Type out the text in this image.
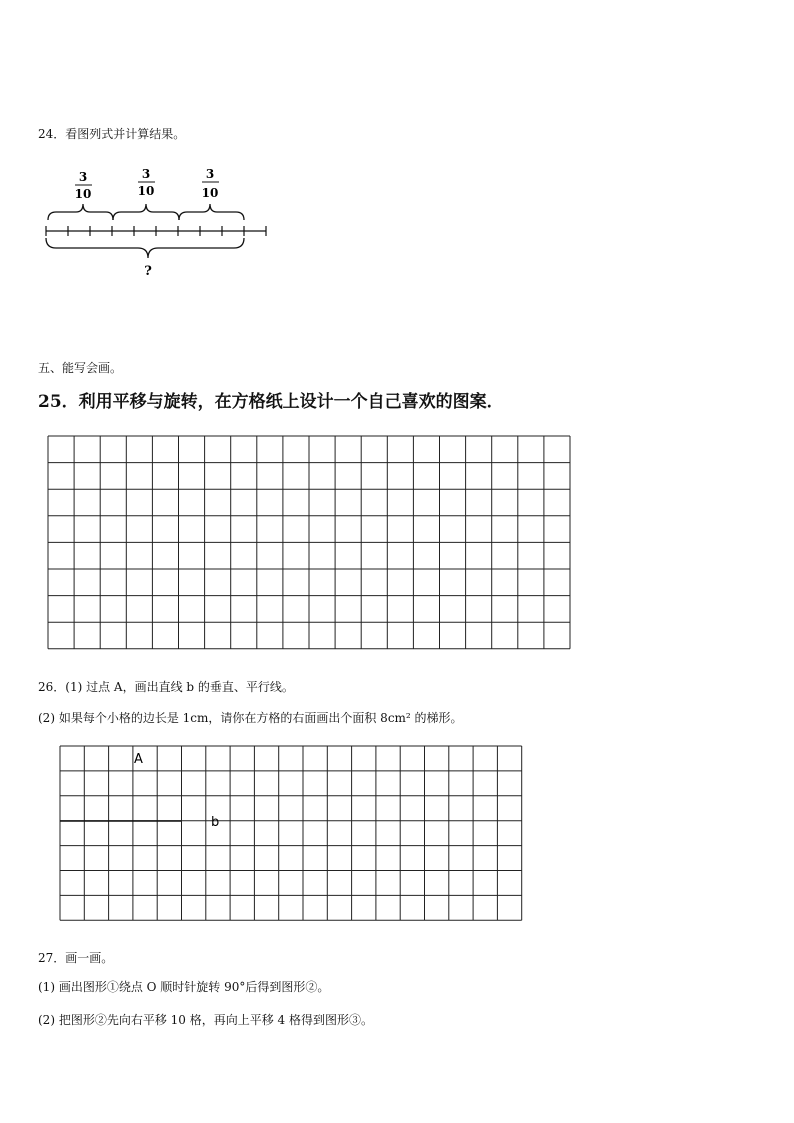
24．看图列式并计算结果。
3
10
3
10
3
10
?
五、能写会画。
25．利用平移与旋转，在方格纸上设计一个自己喜欢的图案．
26．(1) 过点 A，画出直线 b 的垂直、平行线。
(2) 如果每个小格的边长是 1cm，请你在方格的右面画出个面积 8cm² 的梯形。
b
A
27．画一画。
(1) 画出图形①绕点 O 顺时针旋转 90°后得到图形②。
(2) 把图形②先向右平移 10 格，再向上平移 4 格得到图形③。
